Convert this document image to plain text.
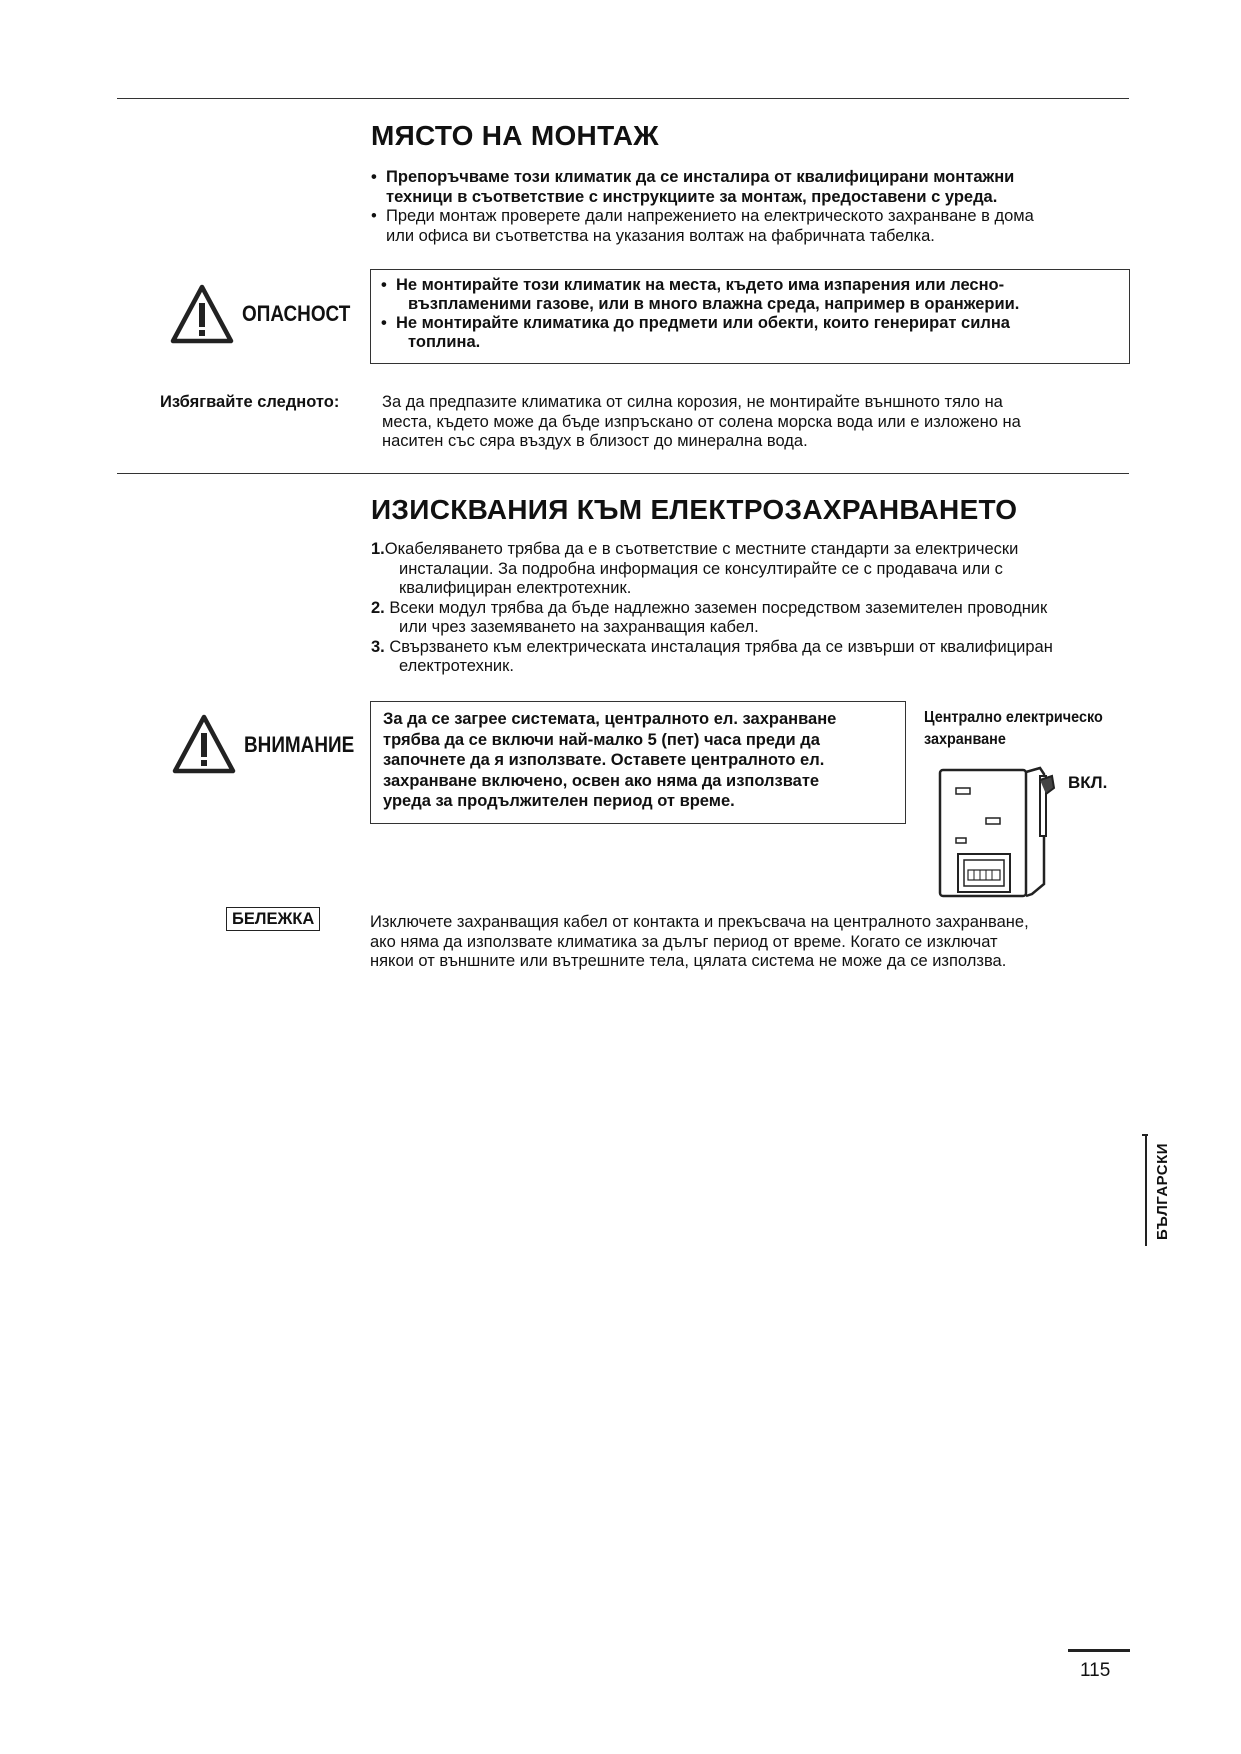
МЯСТО НА МОНТАЖ
• Препоръчваме този климатик да се инсталира от квалифицирани монтажни
техници в съответствие с инструкциите за монтаж, предоставени с уреда.
• Преди монтаж проверете дали напрежението на електрическото захранване в дома
или офиса ви съответства на указания волтаж на фабричната табелка.
ОПАСНОСТ
• Не монтирайте този климатик на места, където има изпарения или лесно-
възпламеними газове, или в много влажна среда, например в оранжерии.
• Не монтирайте климатика до предмети или обекти, които генерират силна
топлина.
Избягвайте следното:	За да предпазите климатика от силна корозия, не монтирайте външното тяло на
места, където може да бъде изпръскано от солена морска вода или е изложено на
наситен със сяра въздух в близост до минерална вода.
ИЗИСКВАНИЯ КЪМ ЕЛЕКТРОЗАХРАНВАНЕТО
1.Окабеляването трябва да е в съответствие с местните стандарти за електрически
инсталации. За подробна информация се консултирайте се с продавача или с
квалифициран електротехник.
2. Всеки модул трябва да бъде надлежно заземен посредством заземителен проводник
или чрез заземяването на захранващия кабел.
3. Свързването към електрическата инсталация трябва да се извърши от квалифициран
електротехник.
ВНИМАНИЕ
За да се загрее системата, централното ел. захранване
трябва да се включи най-малко 5 (пет) часа преди да
започнете да я използвате. Оставете централното ел.
захранване включено, освен ако няма да използвате
уреда за продължителен период от време.
Централно електрическо
захранване
ВКЛ.
БЕЛЕЖКА	Изключете захранващия кабел от контакта и прекъсвача на централното захранване,
ако няма да използвате климатика за дълъг период от време. Когато се изключат
някои от външните или вътрешните тела, цялата система не може да се използва.
БЪЛГАРСКИ
115
